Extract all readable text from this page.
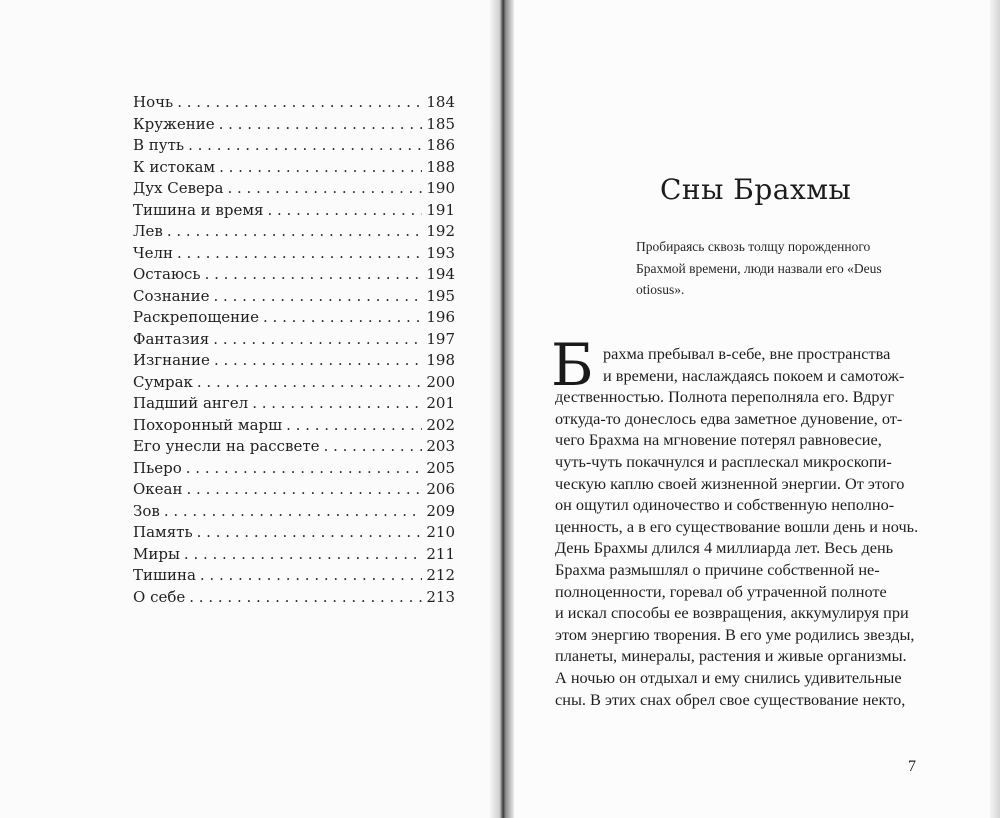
Ночь . . .	184
Кружение . . .	185
В путь . . .	186
К истокам . . .	188
Дух Севера . . .	190
Тишина и время . . .	191
Лев . . .	192
Челн . . .	193
Остаюсь . . .	194
Сознание . . .	195
Раскрепощение . . .	196
Фантазия . . .	197
Изгнание . . .	198
Сумрак . . .	200
Падший ангел . . .	201
Похоронный марш . . .	202
Его унесли на рассвете . . .	203
Пьеро . . .	205
Океан . . .	206
Зов . . .	209
Память . . .	210
Миры . . .	211
Тишина . . .	212
О себе . . .	213
Сны Брахмы
Пробираясь сквозь толщу порожденного
Брахмой времени, люди назвали его «Deus
otiosus».
Б рахма пребывал в-себе, вне пространства
и времени, наслаждаясь покоем и самотож-
дественностью. Полнота переполняла его. Вдруг
откуда-то донеслось едва заметное дуновение, от-
чего Брахма на мгновение потерял равновесие,
чуть-чуть покачнулся и расплескал микроскопи-
ческую каплю своей жизненной энергии. От этого
он ощутил одиночество и собственную неполно-
ценность, а в его существование вошли день и ночь.
День Брахмы длился 4 миллиарда лет. Весь день
Брахма размышлял о причине собственной не-
полноценности, горевал об утраченной полноте
и искал способы ее возвращения, аккумулируя при
этом энергию творения. В его уме родились звезды,
планеты, минералы, растения и живые организмы.
А ночью он отдыхал и ему снились удивительные
сны. В этих снах обрел свое существование некто,
7
